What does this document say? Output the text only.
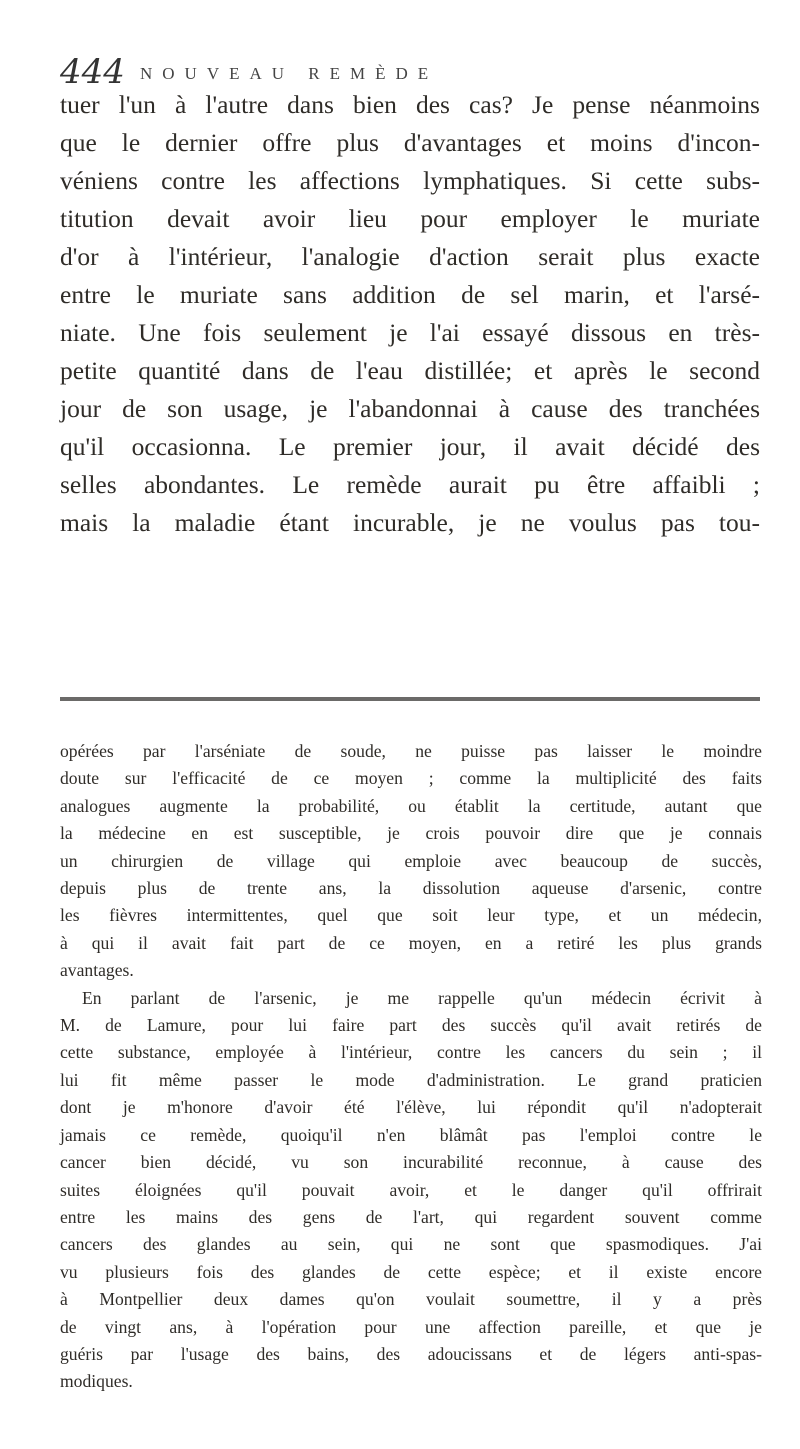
444 NOUVEAU REMÈDE
tuer l'un à l'autre dans bien des cas? Je pense néanmoins
que le dernier offre plus d'avantages et moins d'incon-
véniens contre les affections lymphatiques. Si cette subs-
titution devait avoir lieu pour employer le muriate
d'or à l'intérieur, l'analogie d'action serait plus exacte
entre le muriate sans addition de sel marin, et l'arsé-
niate. Une fois seulement je l'ai essayé dissous en très-
petite quantité dans de l'eau distillée; et après le second
jour de son usage, je l'abandonnai à cause des tranchées
qu'il occasionna. Le premier jour, il avait décidé des
selles abondantes. Le remède aurait pu être affaibli ;
mais la maladie étant incurable, je ne voulus pas tou-
opérées par l'arséniate de soude, ne puisse pas laisser le moindre
doute sur l'efficacité de ce moyen ; comme la multiplicité des faits
analogues augmente la probabilité, ou établit la certitude, autant que
la médecine en est susceptible, je crois pouvoir dire que je connais
un chirurgien de village qui emploie avec beaucoup de succès,
depuis plus de trente ans, la dissolution aqueuse d'arsenic, contre
les fièvres intermittentes, quel que soit leur type, et un médecin,
à qui il avait fait part de ce moyen, en a retiré les plus grands
avantages.
En parlant de l'arsenic, je me rappelle qu'un médecin écrivit à
M. de Lamure, pour lui faire part des succès qu'il avait retirés de
cette substance, employée à l'intérieur, contre les cancers du sein ; il
lui fit même passer le mode d'administration. Le grand praticien
dont je m'honore d'avoir été l'élève, lui répondit qu'il n'adopterait
jamais ce remède, quoiqu'il n'en blâmât pas l'emploi contre le
cancer bien décidé, vu son incurabilité reconnue, à cause des
suites éloignées qu'il pouvait avoir, et le danger qu'il offrirait
entre les mains des gens de l'art, qui regardent souvent comme
cancers des glandes au sein, qui ne sont que spasmodiques. J'ai
vu plusieurs fois des glandes de cette espèce; et il existe encore
à Montpellier deux dames qu'on voulait soumettre, il y a près
de vingt ans, à l'opération pour une affection pareille, et que je
guéris par l'usage des bains, des adoucissans et de légers anti-spas-
modiques.
